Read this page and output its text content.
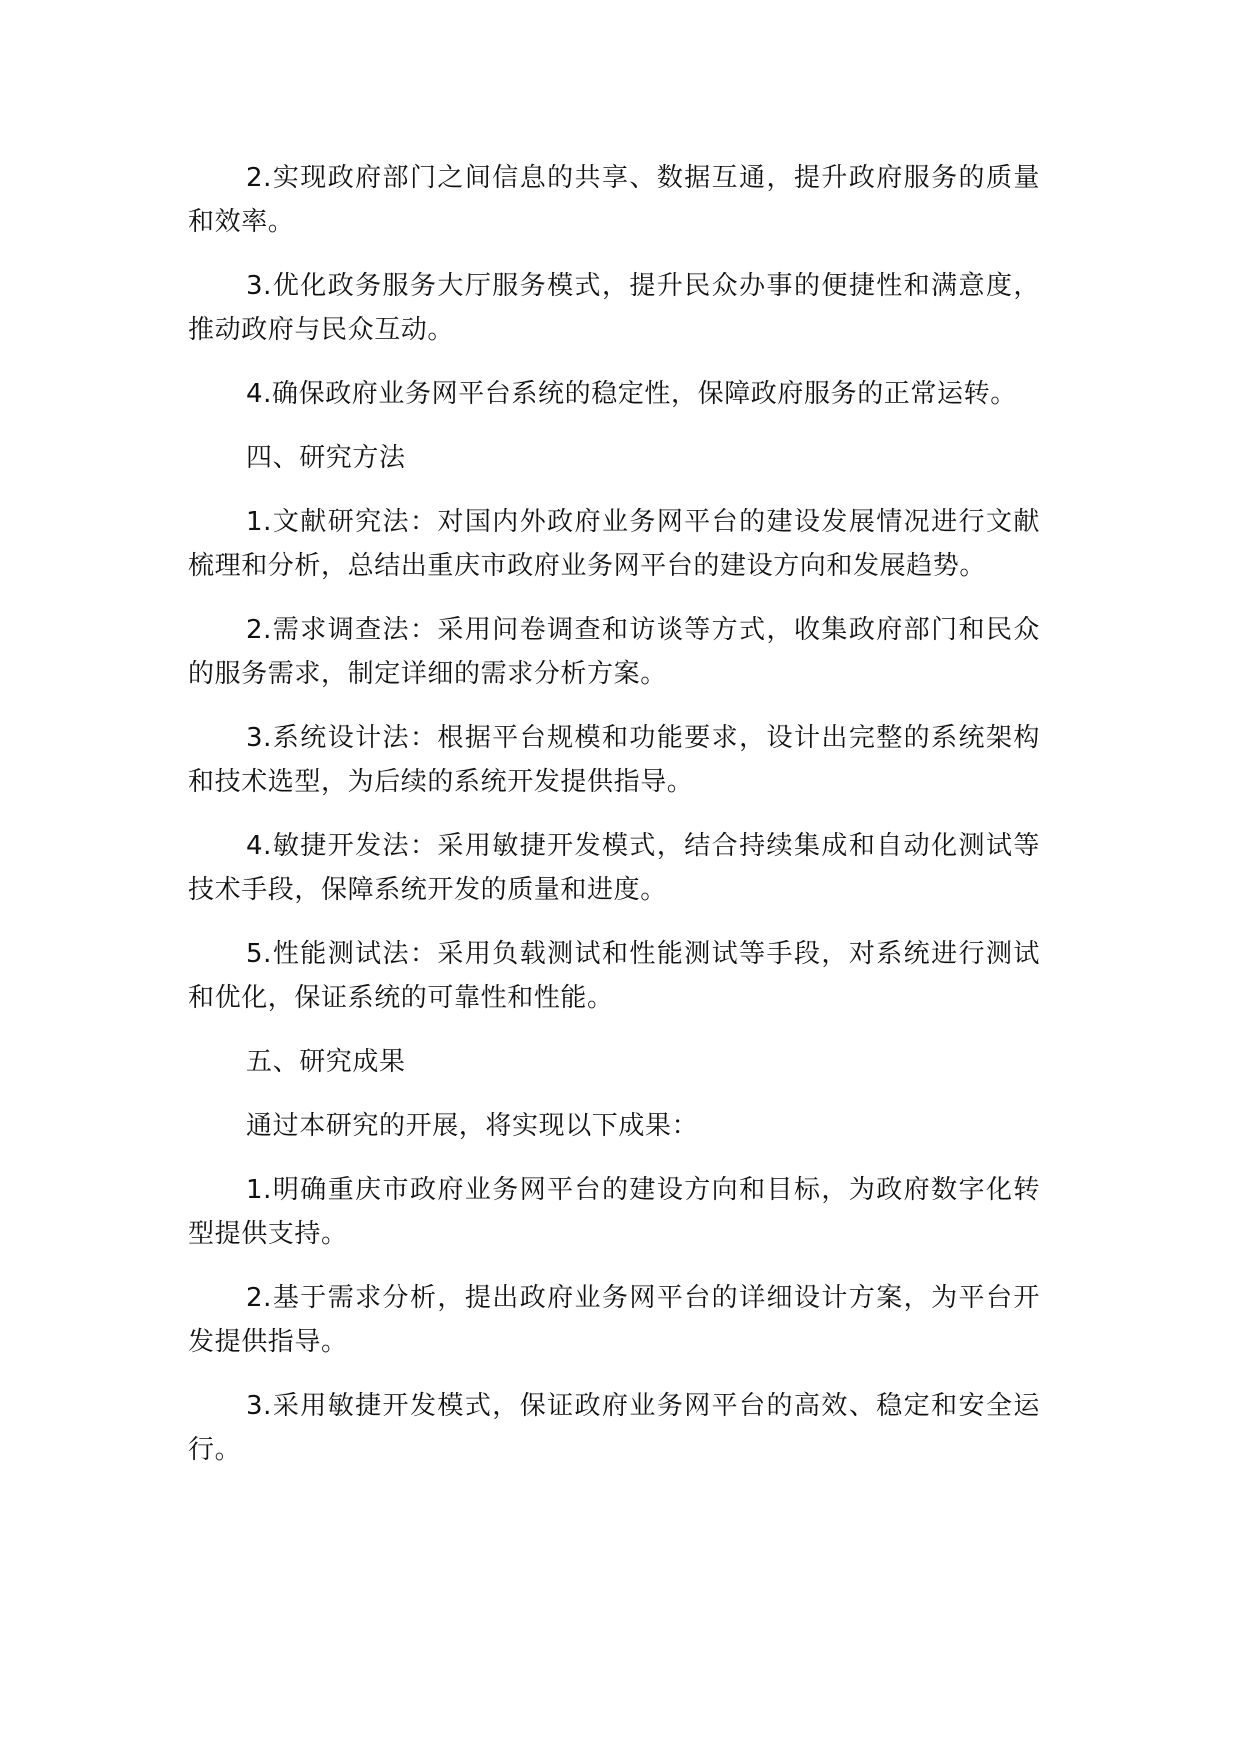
2.实现政府部门之间信息的共享、数据互通，提升政府服务的质量和效率。

3.优化政务服务大厅服务模式，提升民众办事的便捷性和满意度，推动政府与民众互动。

4.确保政府业务网平台系统的稳定性，保障政府服务的正常运转。

四、研究方法

1.文献研究法：对国内外政府业务网平台的建设发展情况进行文献梳理和分析，总结出重庆市政府业务网平台的建设方向和发展趋势。

2.需求调查法：采用问卷调查和访谈等方式，收集政府部门和民众的服务需求，制定详细的需求分析方案。

3.系统设计法：根据平台规模和功能要求，设计出完整的系统架构和技术选型，为后续的系统开发提供指导。

4.敏捷开发法：采用敏捷开发模式，结合持续集成和自动化测试等技术手段，保障系统开发的质量和进度。

5.性能测试法：采用负载测试和性能测试等手段，对系统进行测试和优化，保证系统的可靠性和性能。

五、研究成果

通过本研究的开展，将实现以下成果：

1.明确重庆市政府业务网平台的建设方向和目标，为政府数字化转型提供支持。

2.基于需求分析，提出政府业务网平台的详细设计方案，为平台开发提供指导。

3.采用敏捷开发模式，保证政府业务网平台的高效、稳定和安全运行。
